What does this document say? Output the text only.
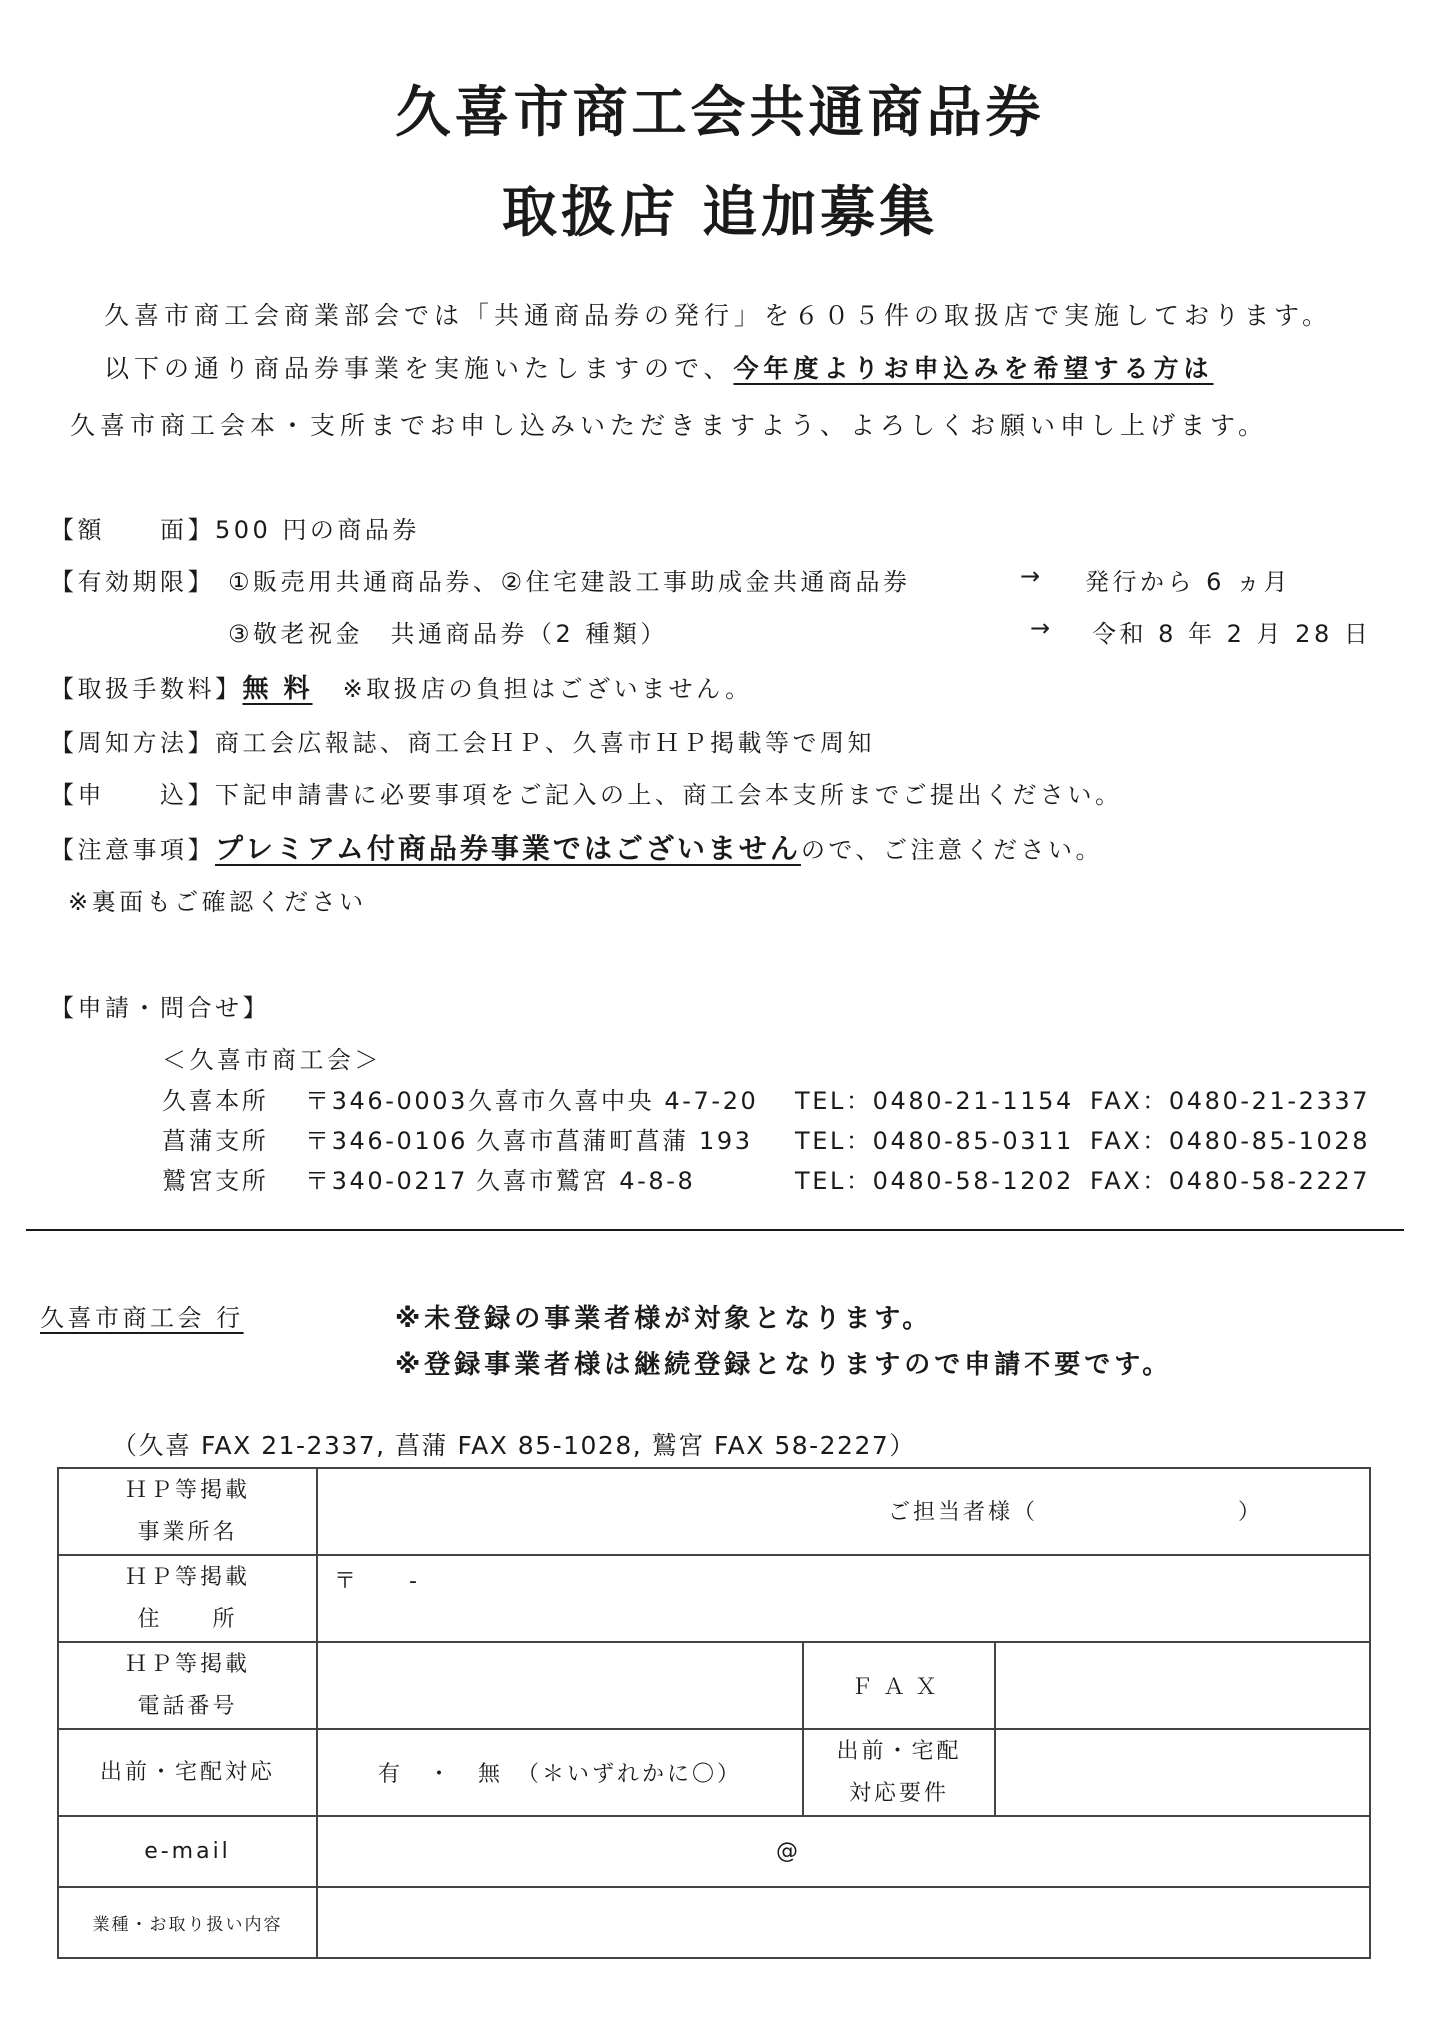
久喜市商工会共通商品券
取扱店 追加募集
久喜市商工会商業部会では「共通商品券の発行」を６０５件の取扱店で実施しております。
以下の通り商品券事業を実施いたしますので、今年度よりお申込みを希望する方は
久喜市商工会本・支所までお申し込みいただきますよう、よろしくお願い申し上げます。
【額　　面】500 円の商品券
【有効期限】 ①販売用共通商品券、②住宅建設工事助成金共通商品券	→ 発行から 6 ヵ月
③敬老祝金　共通商品券（2 種類）	→ 令和 8 年 2 月 28 日
【取扱手数料】無 料 ※取扱店の負担はございません。
【周知方法】商工会広報誌、商工会ＨＰ、久喜市ＨＰ掲載等で周知
【申　　込】下記申請書に必要事項をご記入の上、商工会本支所までご提出ください。
【注意事項】プレミアム付商品券事業ではございませんので、ご注意ください。
※裏面もご確認ください
【申請・問合せ】
＜久喜市商工会＞
久喜本所 〒346-0003 久喜市久喜中央 4-7-20 TEL：0480-21-1154 FAX：0480-21-2337
菖蒲支所 〒346-0106 久喜市菖蒲町菖蒲 193 TEL：0480-85-0311 FAX：0480-85-1028
鷲宮支所 〒340-0217 久喜市鷲宮 4-8-8	TEL：0480-58-1202 FAX：0480-58-2227
久喜市商工会 行	※未登録の事業者様が対象となります。
※登録事業者様は継続登録となりますので申請不要です。
（久喜 FAX 21-2337, 菖蒲 FAX 85-1028, 鷲宮 FAX 58-2227）
ＨＰ等掲載
事業所名	ご担当者様（　　　　　　　　）		

ＨＰ等掲載
住　　所	〒　　-		

ＨＰ等掲載
電話番号		ＦＡＸ	
出前・宅配対応	有　・　無　（＊いずれかに〇）	出前・宅配
対応要件	

e-mail	@		
業種・お取り扱い内容			
